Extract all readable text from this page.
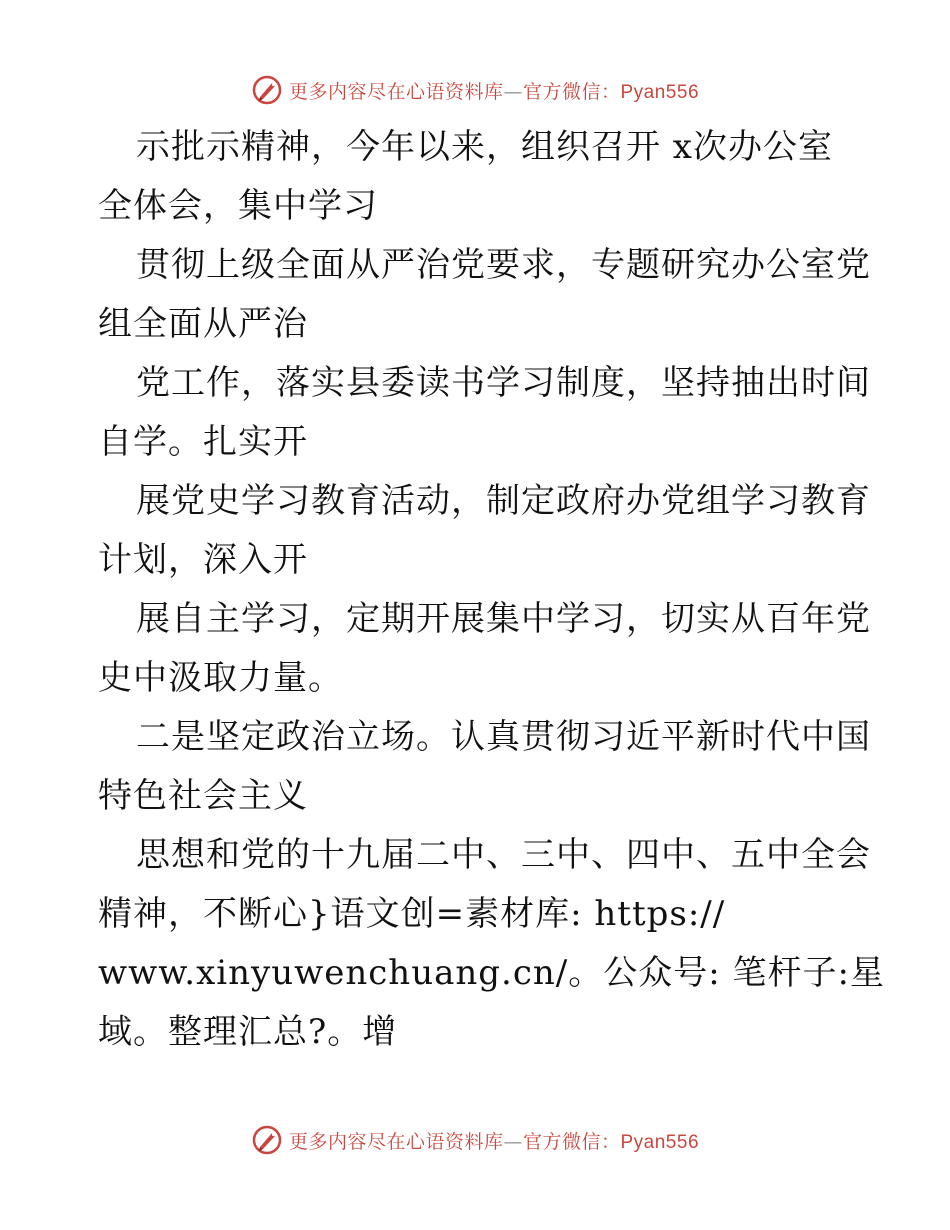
更多内容尽在心语资料库—官方微信：Pyan556
示批示精神，今年以来，组织召开 x次办公室
全体会，集中学习
贯彻上级全面从严治党要求，专题研究办公室党
组全面从严治
党工作，落实县委读书学习制度，坚持抽出时间
自学。扎实开
展党史学习教育活动，制定政府办党组学习教育
计划，深入开
展自主学习，定期开展集中学习，切实从百年党
史中汲取力量。
二是坚定政治立场。认真贯彻习近平新时代中国
特色社会主义
思想和党的十九届二中、三中、四中、五中全会
精神，不断心}语文创=素材库: https://
www.xinyuwenchuang.cn/。公众号: 笔杆子:星
域。整理汇总?。增
更多内容尽在心语资料库—官方微信：Pyan556
